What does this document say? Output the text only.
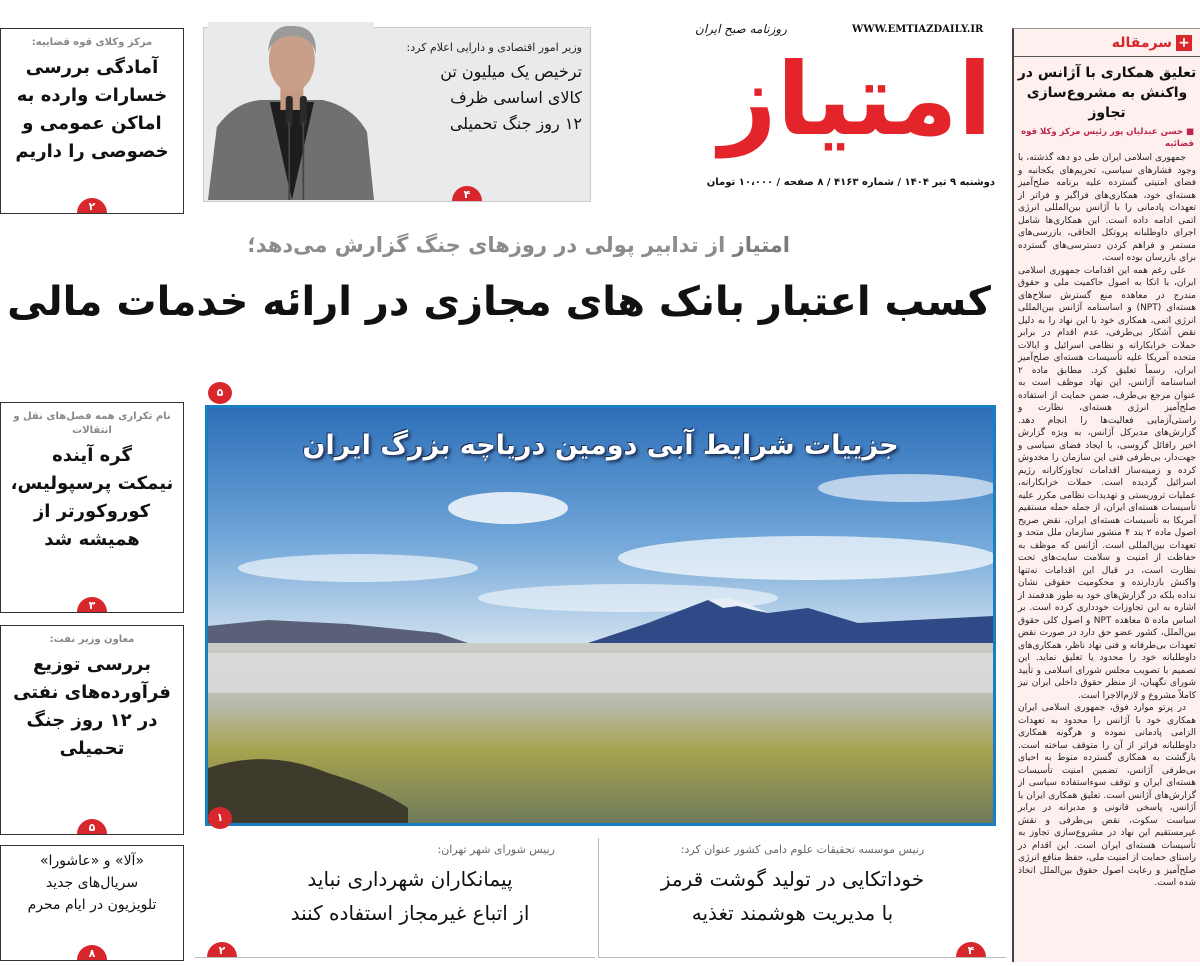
روزنامه صبح ایران	WWW.EMTIAZDAILY.IR
امتیاز
دوشنبه ۹ تیر ۱۴۰۴ / شماره ۴۱۶۳ / ۸ صفحه / ۱۰،۰۰۰ تومان
وزیر امور اقتصادی و دارایی اعلام کرد:
ترخیص یک میلیون تن
کالای اساسی ظرف
۱۲ روز جنگ تحمیلی
۴
مرکز وکلای قوه قضاییه:
آمادگی بررسی
خسارات وارده به
اماکن عمومی و
خصوصی را داریم
۲
نام تکراری همه فصل‌های نقل و انتقالات
گره آینده
نیمکت پرسپولیس،
کوروکورتر از
همیشه شد
۳
معاون وزیر نفت:
بررسی توزیع
فرآورده‌های نفتی
در ۱۲ روز جنگ
تحمیلی
۵
«آلا» و «عاشورا»
سریال‌های جدید
تلویزیون در ایام محرم
۸
امتیاز از تدابیر پولی در روزهای جنگ گزارش می‌دهد؛
کسب اعتبار بانک های مجازی در ارائه خدمات مالی
۵
جزییات شرایط آبی دومین دریاچه بزرگ ایران
۱
رنیس موسسه تحقیقات علوم دامی کشور عنوان کرد:
خوداتکایی در تولید گوشت قرمز
با مدیریت هوشمند تغذیه
۴
رییس شورای شهر تهران:
پیمانکاران شهرداری نباید
از اتباع غیرمجاز استفاده کنند
۲
+
سرمقاله
تعلیق همکاری با آژانس در
واکنش به مشروع‌سازی تجاوز
■ حسن عبدلیان پور رئیس مرکز وکلا قوه قضائیه

جمهوری اسلامی ایران طی دو دهه گذشته، با وجود فشارهای سیاسی، تحریم‌های یکجانبه و فضای امنیتی گسترده علیه برنامه صلح‌آمیز هسته‌ای خود، همکاری‌های فراگیر و فراتر از تعهدات پادمانی را با آژانس بین‌المللی انرژی اتمی ادامه داده است. این همکاری‌ها شامل اجرای داوطلبانه پروتکل الحاقی، بازرسی‌های مستمر و فراهم کردن دسترسی‌های گسترده برای بازرسان بوده است.

علی رغم همه این اقدامات جمهوری اسلامی ایران، با اتکا به اصول حاکمیت ملی و حقوق مندرج در معاهده منع گسترش سلاح‌های هسته‌ای (NPT) و اساسنامه آژانس بین‌المللی انرژی اتمی، همکاری خود با این نهاد را به دلیل نقض آشکار بی‌طرفی، عدم اقدام در برابر حملات خرابکارانه و نظامی اسرائیل و ایالات متحده آمریکا علیه تأسیسات هسته‌ای صلح‌آمیز ایران، رسماً تعلیق کرد. مطابق ماده ۲ اساسنامه آژانس، این نهاد موظف است به عنوان مرجع بی‌طرف، ضمن حمایت از استفاده صلح‌آمیز انرژی هسته‌ای، نظارت و راستی‌آزمایی فعالیت‌ها را انجام دهد. گزارش‌های مدیرکل آژانس، به ویژه گزارش اخیر رافائل گروسی، با ایجاد فضای سیاسی و جهت‌دار، بی‌طرفی فنی این سازمان را مخدوش کرده و زمینه‌ساز اقدامات تجاوزکارانه رژیم اسرائیل گردیده است. حملات خرابکارانه، عملیات تروریستی و تهدیدات نظامی مکرر علیه تأسیسات هسته‌ای ایران، از جمله حمله مستقیم آمریکا به تأسیسات هسته‌ای ایران، نقض صریح اصول ماده ۲ بند ۴ منشور سازمان ملل متحد و تعهدات بین‌المللی است. آژانس که موظف به حفاظت از امنیت و سلامت سایت‌های تحت نظارت است، در قبال این اقدامات نه‌تنها واکنش بازدارنده و محکومیت حقوقی نشان نداده بلکه در گزارش‌های خود به طور هدفمند از اشاره به این تجاوزات خودداری کرده است. بر اساس ماده ۵ معاهده NPT و اصول کلی حقوق بین‌الملل، کشور عضو حق دارد در صورت نقض تعهدات بی‌طرفانه و فنی نهاد ناظر، همکاری‌های داوطلبانه خود را محدود یا تعلیق نماید. این تصمیم با تصویب مجلس شورای اسلامی و تأیید شورای نگهبان، از منظر حقوق داخلی ایران نیز کاملاً مشروع و لازم‌الاجرا است.

در پرتو موارد فوق، جمهوری اسلامی ایران همکاری خود با آژانس را محدود به تعهدات الزامی پادمانی نموده و هرگونه همکاری داوطلبانه فراتر از آن را متوقف ساخته است. بازگشت به همکاری گسترده منوط به احیای بی‌طرفی آژانس، تضمین امنیت تأسیسات هسته‌ای ایران و توقف سوءاستفاده سیاسی از گزارش‌های آژانس است. تعلیق همکاری ایران با آژانس، پاسخی قانونی و مدبرانه در برابر سیاست سکوت، نقض بی‌طرفی و نقش غیرمستقیم این نهاد در مشروع‌سازی تجاوز به تأسیسات هسته‌ای ایران است. این اقدام در راستای حمایت از امنیت ملی، حفظ منافع انرژی صلح‌آمیز و رعایت اصول حقوق بین‌الملل اتخاذ شده است.
